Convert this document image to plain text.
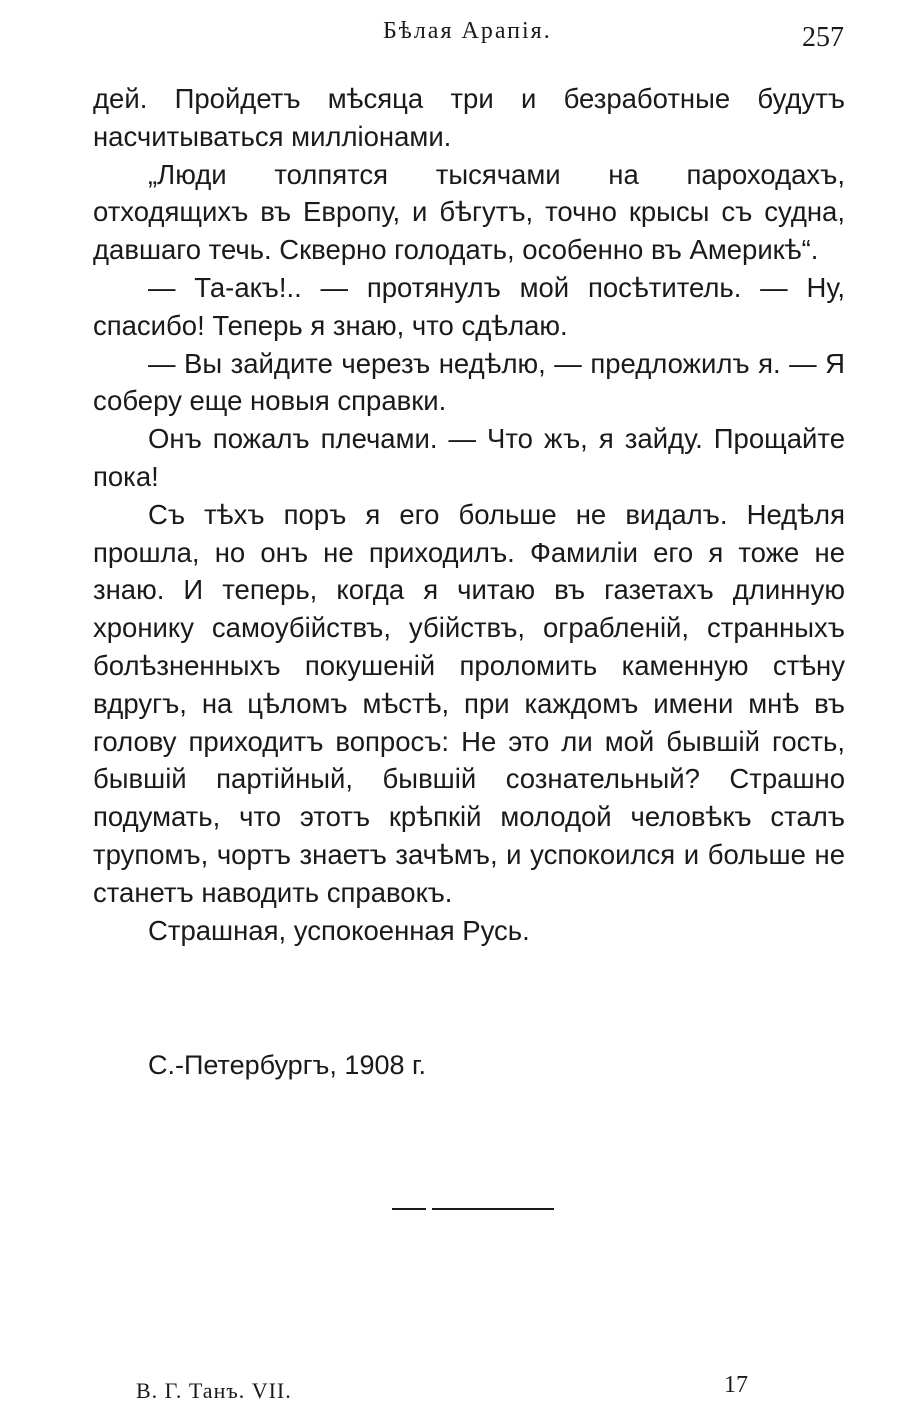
Бѣлая Арапія.	257

дей. Пройдетъ мѣсяца три и безработные будутъ насчитываться милліонами.

„Люди толпятся тысячами на пароходахъ, отходящихъ въ Европу, и бѣгутъ, точно крысы съ судна, давшаго течь. Скверно голодать, особенно въ Америкѣ“.

— Та-акъ!.. — протянулъ мой посѣтитель. — Ну, спасибо! Теперь я знаю, что сдѣлаю.

— Вы зайдите черезъ недѣлю, — предложилъ я. — Я соберу еще новыя справки.

Онъ пожалъ плечами. — Что жъ, я зайду. Прощайте пока!

Съ тѣхъ поръ я его больше не видалъ. Недѣля прошла, но онъ не приходилъ. Фамиліи его я тоже не знаю. И теперь, когда я читаю въ газетахъ длинную хронику самоубійствъ, убійствъ, ограбленій, странныхъ болѣзненныхъ покушеній проломить каменную стѣну вдругъ, на цѣломъ мѣстѣ, при каждомъ имени мнѣ въ голову приходитъ вопросъ: Не это ли мой бывшій гость, бывшій партійный, бывшій сознательный? Страшно подумать, что этотъ крѣпкій молодой человѣкъ сталъ трупомъ, чортъ знаетъ зачѣмъ, и успокоился и больше не станетъ наводить справокъ.

Страшная, успокоенная Русь.

С.-Петербургъ, 1908 г.
В. Г. Танъ. VII.	17
